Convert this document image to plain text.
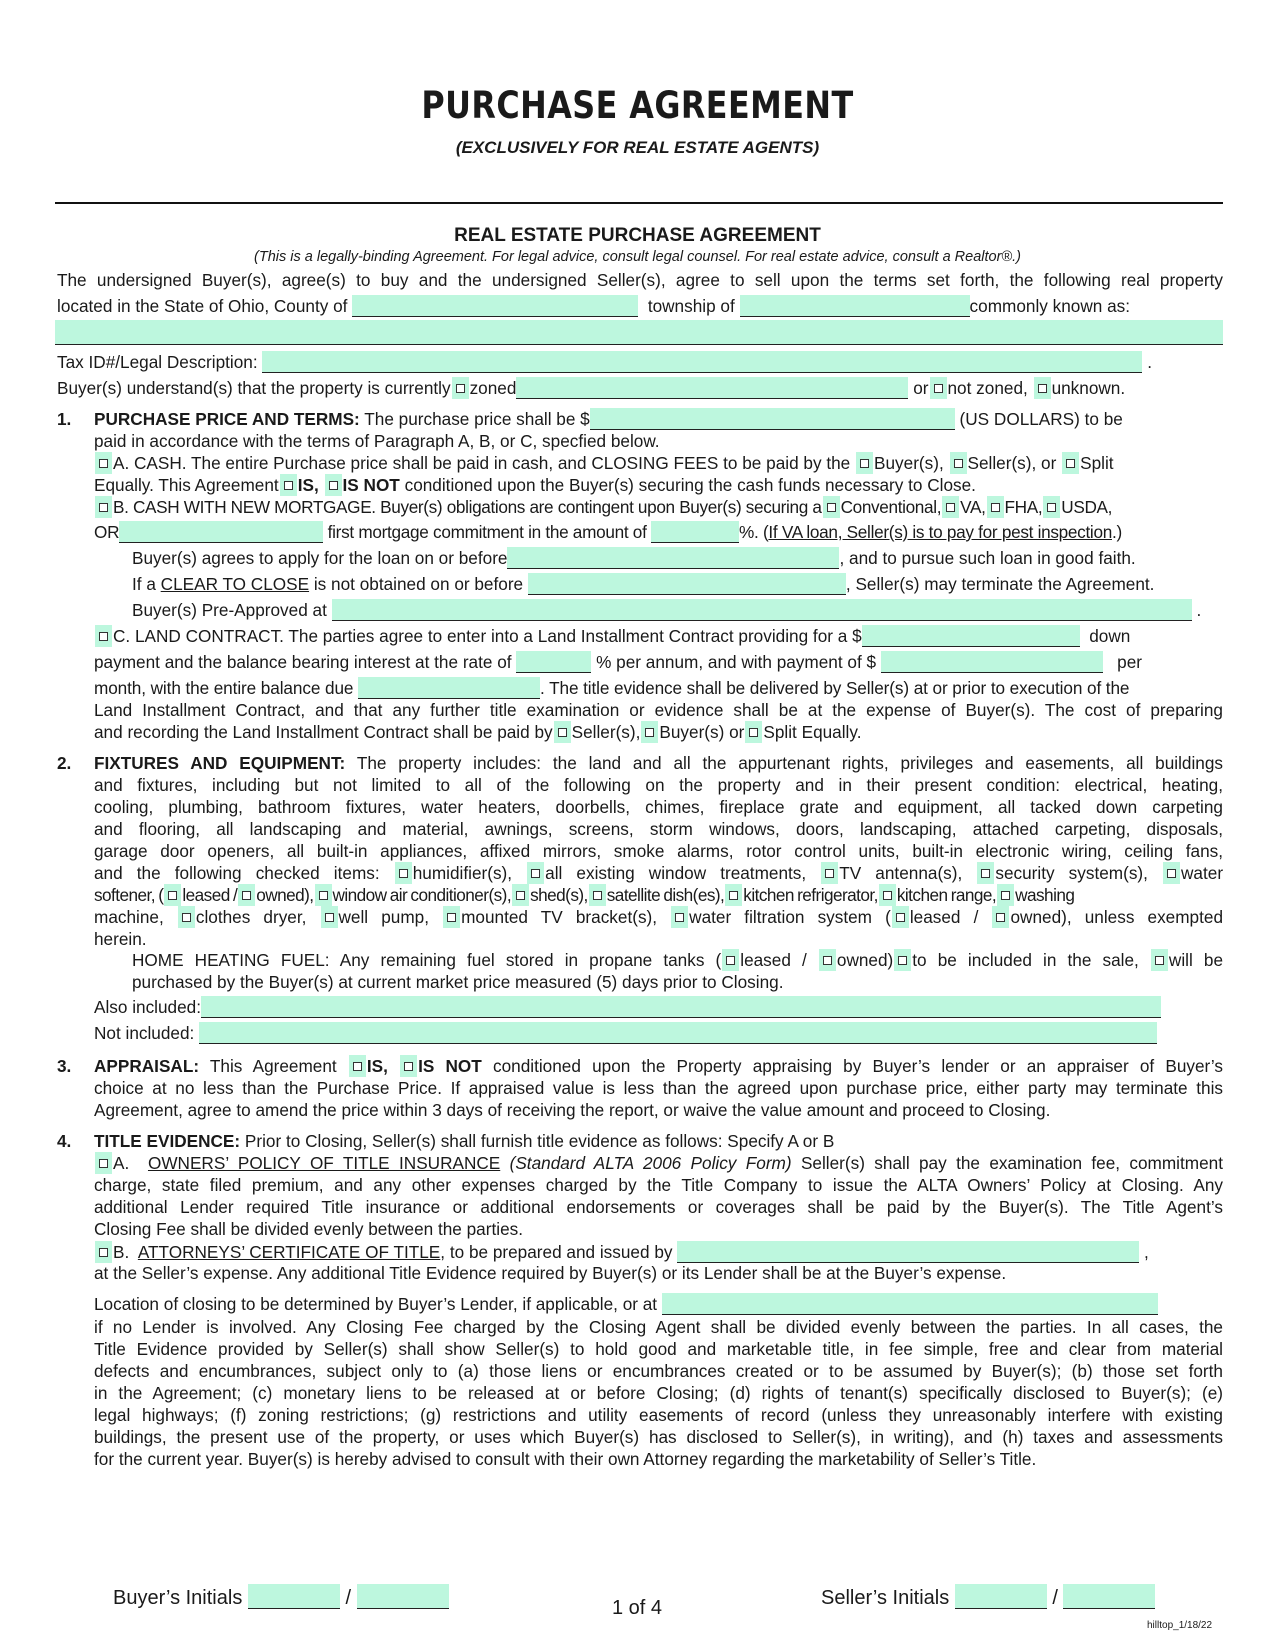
PURCHASE AGREEMENT
(EXCLUSIVELY FOR REAL ESTATE AGENTS)
REAL ESTATE PURCHASE AGREEMENT
(This is a legally-binding Agreement. For legal advice, consult legal counsel. For real estate advice, consult a Realtor®.)
The undersigned Buyer(s), agree(s) to buy and the undersigned Seller(s), agree to sell upon the terms set forth, the following real property
located in the State of Ohio, County of	township of	commonly known as:
Tax ID#/Legal Description:	.
Buyer(s) understand(s) that the property is currently zoned	or not zoned, unknown.
1. PURCHASE PRICE AND TERMS: The purchase price shall be $	(US DOLLARS) to be
paid in accordance with the terms of Paragraph A, B, or C, specfied below.
A. CASH. The entire Purchase price shall be paid in cash, and CLOSING FEES to be paid by the Buyer(s), Seller(s), or Split
Equally. This Agreement IS, IS NOT conditioned upon the Buyer(s) securing the cash funds necessary to Close.
B. CASH WITH NEW MORTGAGE. Buyer(s) obligations are contingent upon Buyer(s) securing a Conventional, VA, FHA, USDA,
OR	first mortgage commitment in the amount of	%. (If VA loan, Seller(s) is to pay for pest inspection.)
Buyer(s) agrees to apply for the loan on or before	, and to pursue such loan in good faith.
If a CLEAR TO CLOSE is not obtained on or before	, Seller(s) may terminate the Agreement.
Buyer(s) Pre-Approved at	.
C. LAND CONTRACT. The parties agree to enter into a Land Installment Contract providing for a $	down
payment and the balance bearing interest at the rate of	% per annum, and with payment of $	per
month, with the entire balance due	. The title evidence shall be delivered by Seller(s) at or prior to execution of the
Land Installment Contract, and that any further title examination or evidence shall be at the expense of Buyer(s). The cost of preparing
and recording the Land Installment Contract shall be paid by Seller(s), Buyer(s) or Split Equally.
2. FIXTURES AND EQUIPMENT: The property includes: the land and all the appurtenant rights, privileges and easements, all buildings
and fixtures, including but not limited to all of the following on the property and in their present condition: electrical, heating,
cooling, plumbing, bathroom fixtures, water heaters, doorbells, chimes, fireplace grate and equipment, all tacked down carpeting
and flooring, all landscaping and material, awnings, screens, storm windows, doors, landscaping, attached carpeting, disposals,
garage door openers, all built-in appliances, affixed mirrors, smoke alarms, rotor control units, built-in electronic wiring, ceiling fans,
and the following checked items: humidifier(s), all existing window treatments, TV antenna(s), security system(s), water
softener, ( leased / owned), window air conditioner(s), shed(s), satellite dish(es), kitchen refrigerator, kitchen range, washing
machine, clothes dryer, well pump, mounted TV bracket(s), water filtration system ( leased / owned), unless exempted
herein.
HOME HEATING FUEL: Any remaining fuel stored in propane tanks ( leased / owned) to be included in the sale, will be
purchased by the Buyer(s) at current market price measured (5) days prior to Closing.
Also included:
Not included:
3. APPRAISAL: This Agreement IS, IS NOT conditioned upon the Property appraising by Buyer’s lender or an appraiser of Buyer’s
choice at no less than the Purchase Price. If appraised value is less than the agreed upon purchase price, either party may terminate this
Agreement, agree to amend the price within 3 days of receiving the report, or waive the value amount and proceed to Closing.
4. TITLE EVIDENCE: Prior to Closing, Seller(s) shall furnish title evidence as follows: Specify A or B
A. OWNERS’ POLICY OF TITLE INSURANCE (Standard ALTA 2006 Policy Form) Seller(s) shall pay the examination fee, commitment
charge, state filed premium, and any other expenses charged by the Title Company to issue the ALTA Owners’ Policy at Closing. Any
additional Lender required Title insurance or additional endorsements or coverages shall be paid by the Buyer(s). The Title Agent’s
Closing Fee shall be divided evenly between the parties.
B. ATTORNEYS’ CERTIFICATE OF TITLE, to be prepared and issued by	,
at the Seller’s expense. Any additional Title Evidence required by Buyer(s) or its Lender shall be at the Buyer’s expense.
Location of closing to be determined by Buyer’s Lender, if applicable, or at
if no Lender is involved. Any Closing Fee charged by the Closing Agent shall be divided evenly between the parties. In all cases, the
Title Evidence provided by Seller(s) shall show Seller(s) to hold good and marketable title, in fee simple, free and clear from material
defects and encumbrances, subject only to (a) those liens or encumbrances created or to be assumed by Buyer(s); (b) those set forth
in the Agreement; (c) monetary liens to be released at or before Closing; (d) rights of tenant(s) specifically disclosed to Buyer(s); (e)
legal highways; (f) zoning restrictions; (g) restrictions and utility easements of record (unless they unreasonably interfere with existing
buildings, the present use of the property, or uses which Buyer(s) has disclosed to Seller(s), in writing), and (h) taxes and assessments
for the current year. Buyer(s) is hereby advised to consult with their own Attorney regarding the marketability of Seller’s Title.
Buyer’s Initials	/	1 of 4	Seller’s Initials	/
hilltop_1/18/22
